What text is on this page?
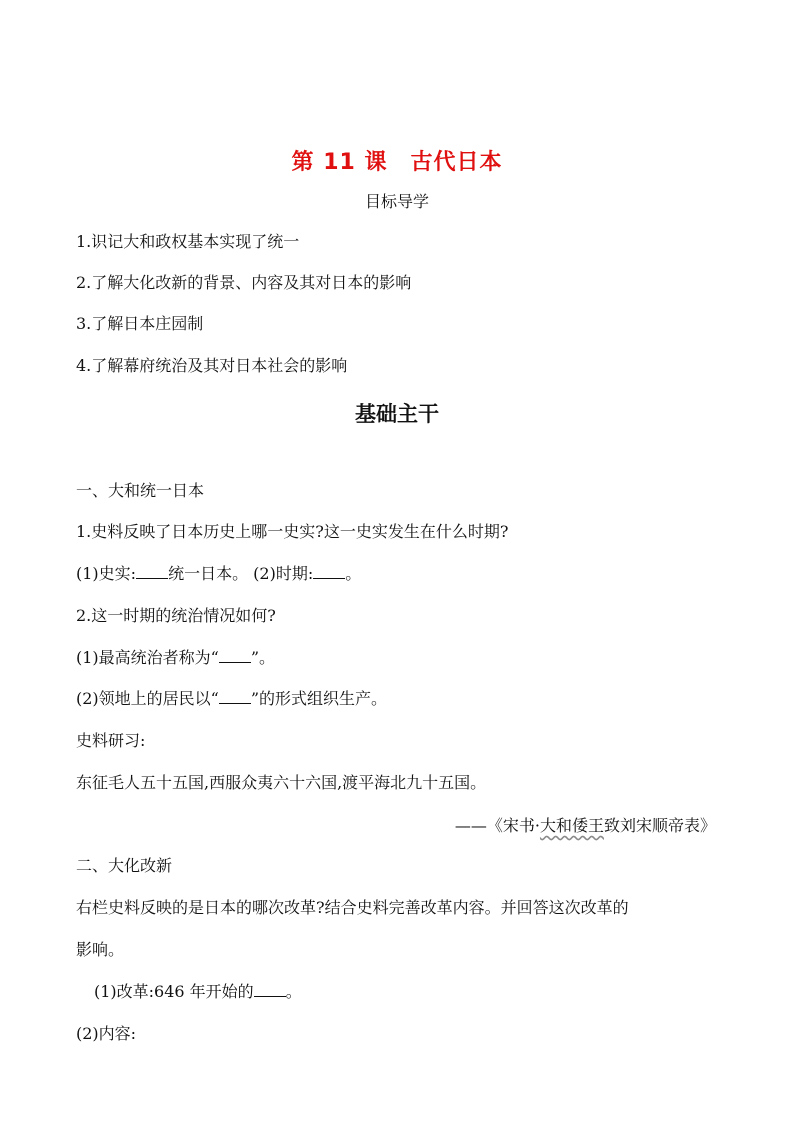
第 11 课　古代日本
目标导学
1.识记大和政权基本实现了统一
2.了解大化改新的背景、内容及其对日本的影响
3.了解日本庄园制
4.了解幕府统治及其对日本社会的影响
基础主干
一、大和统一日本
1.史料反映了日本历史上哪一史实?这一史实发生在什么时期?
(1)史实: 统一日本。 (2)时期: 。
2.这一时期的统治情况如何?
(1)最高统治者称为“ ”。
(2)领地上的居民以“ ”的形式组织生产。
史料研习:
东征毛人五十五国,西服众夷六十六国,渡平海北九十五国。
——《宋书·大和倭王致刘宋顺帝表》
二、大化改新
右栏史料反映的是日本的哪次改革?结合史料完善改革内容。并回答这次改革的
影响。
(1)改革:646 年开始的 。
(2)内容:
